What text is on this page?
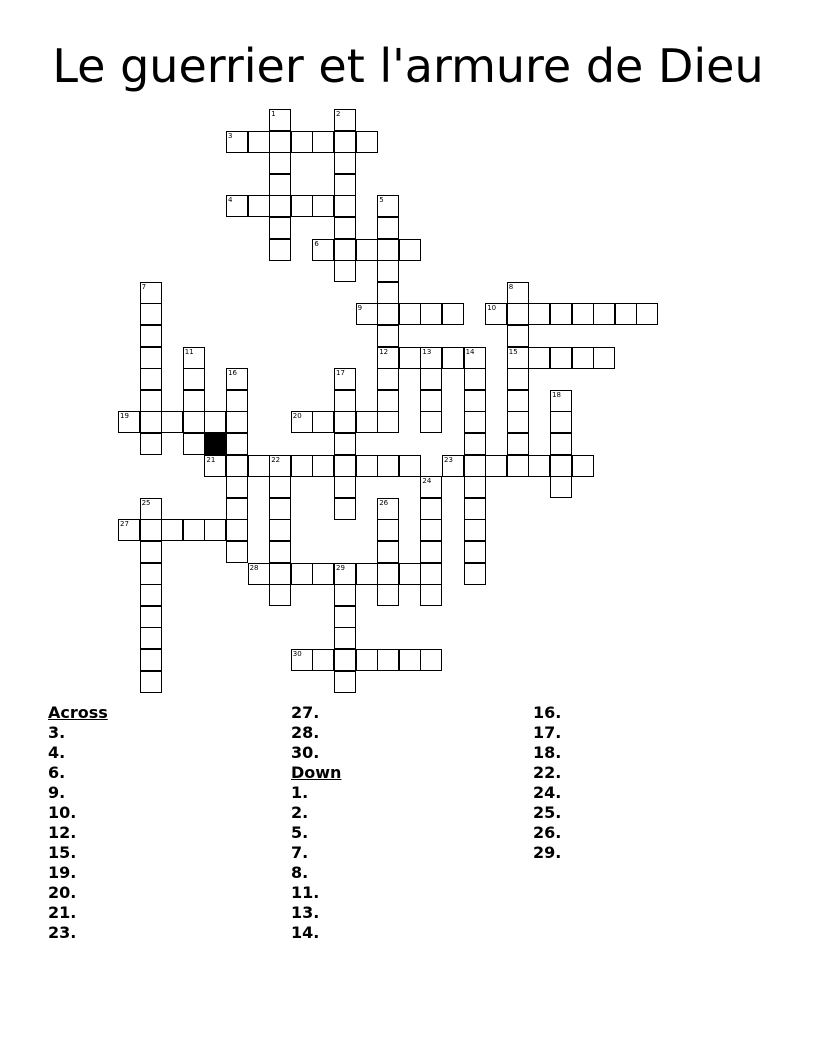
Le guerrier et l'armure de Dieu
1	2
3
4	5
6
7	8
9	10
11	12	13	14	15
16	17
18
19	20
21	22	23
24
25	26
27
28	29
30
Across
3.
4.
6.
9.
10.
12.
15.
19.
20.
21.
23.
27.
28.
30.
Down
1.
2.
5.
7.
8.
11.
13.
14.
16.
17.
18.
22.
24.
25.
26.
29.
